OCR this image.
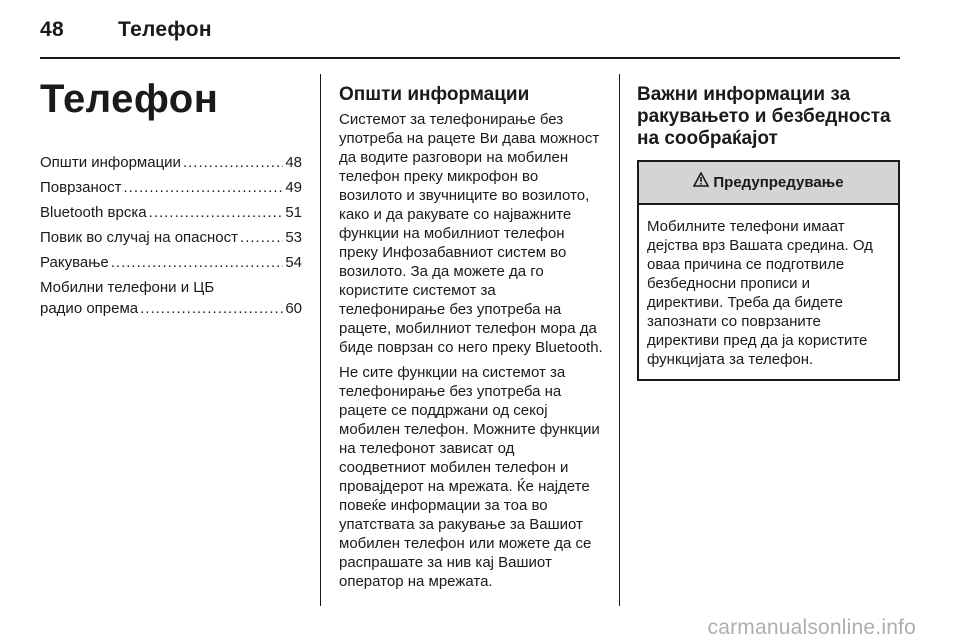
48	Телефон
Телефон
Општи информации .....	48
Поврзаност .....	49
Bluetooth врска .....	51
Повик во случај на опасност .....	53
Ракување .....	54
Мобилни телефони и ЦБ
радио опрема .....	60
Општи информации

Системот за телефонирање без употреба на рацете Ви дава можност да водите разговори на мобилен телефон преку микрофон во возилото и звучниците во возилото, како и да ракувате со најважните функции на мобилниот телефон преку Инфозабавниот систем во возилото. За да можете да го користите системот за телефонирање без употреба на рацете, мобилниот телефон мора да биде поврзан со него преку Bluetooth.

Не сите функции на системот за телефонирање без употреба на рацете се поддржани од секој мобилен телефон. Можните функции на телефонот зависат од соодветниот мобилен телефон и провајдерот на мрежата. Ќе најдете повеќе информации за тоа во упатствата за ракување за Вашиот мобилен телефон или можете да се распрашате за нив кај Вашиот оператор на мрежата.

Важни информации за ракувањето и безбедноста на сообраќајот
Предупредување
Мобилните телефони имаат дејства врз Вашата средина. Од оваа причина се подготвиле безбедносни прописи и директиви. Треба да бидете запознати со поврзаните директиви пред да ја користите функцијата за телефон.
carmanualsonline.info
